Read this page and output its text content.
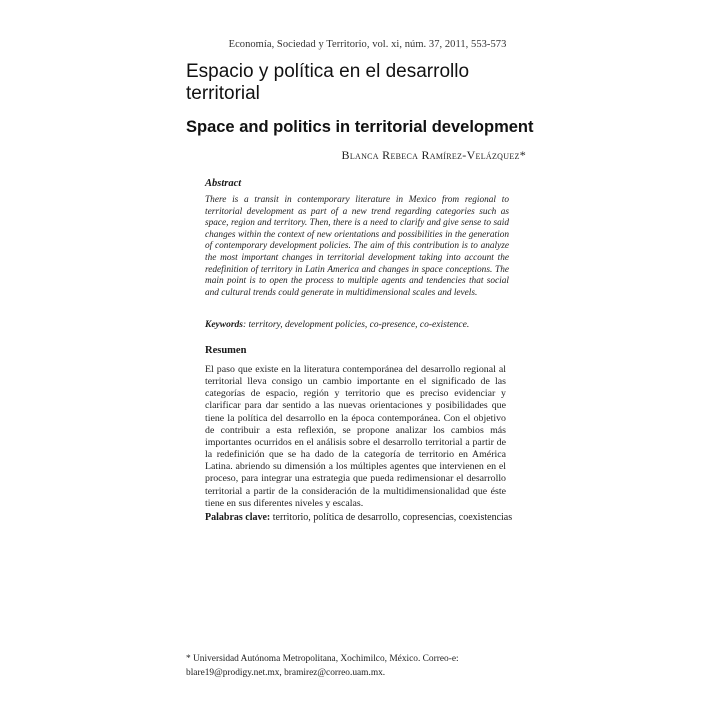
Economía, Sociedad y Territorio, vol. xi, núm. 37, 2011, 553-573
Espacio y política en el desarrollo territorial
Space and politics in territorial development
Blanca Rebeca Ramírez-Velázquez*
Abstract

There is a transit in contemporary literature in Mexico from regional to territorial development as part of a new trend regarding categories such as space, region and territory. Then, there is a need to clarify and give sense to said changes within the context of new orientations and possibilities in the generation of contemporary development policies. The aim of this contribution is to analyze the most important changes in territorial development taking into account the redefinition of territory in Latin America and changes in space conceptions. The main point is to open the process to multiple agents and tendencies that social and cultural trends could generate in multidimensional scales and levels.

Keywords: territory, development policies, co-presence, co-existence.

Resumen

El paso que existe en la literatura contemporánea del desarrollo regional al territorial lleva consigo un cambio importante en el significado de las categorías de espacio, región y territorio que es preciso evidenciar y clarificar para dar sentido a las nuevas orientaciones y posibilidades que tiene la política del desarrollo en la época contemporánea. Con el objetivo de contribuir a esta reflexión, se propone analizar los cambios más importantes ocurridos en el análisis sobre el desarrollo territorial a partir de la redefinición que se ha dado de la categoría de territorio en América Latina. abriendo su dimensión a los múltiples agentes que intervienen en el proceso, para integrar una estrategia que pueda redimensionar el desarrollo territorial a partir de la consideración de la multidimensionalidad que éste tiene en sus diferentes niveles y escalas.

Palabras clave: territorio, política de desarrollo, copresencias, coexistencias

* Universidad Autónoma Metropolitana, Xochimilco, México. Correo-e: blare19@prodigy.net.mx, bramirez@correo.uam.mx.
